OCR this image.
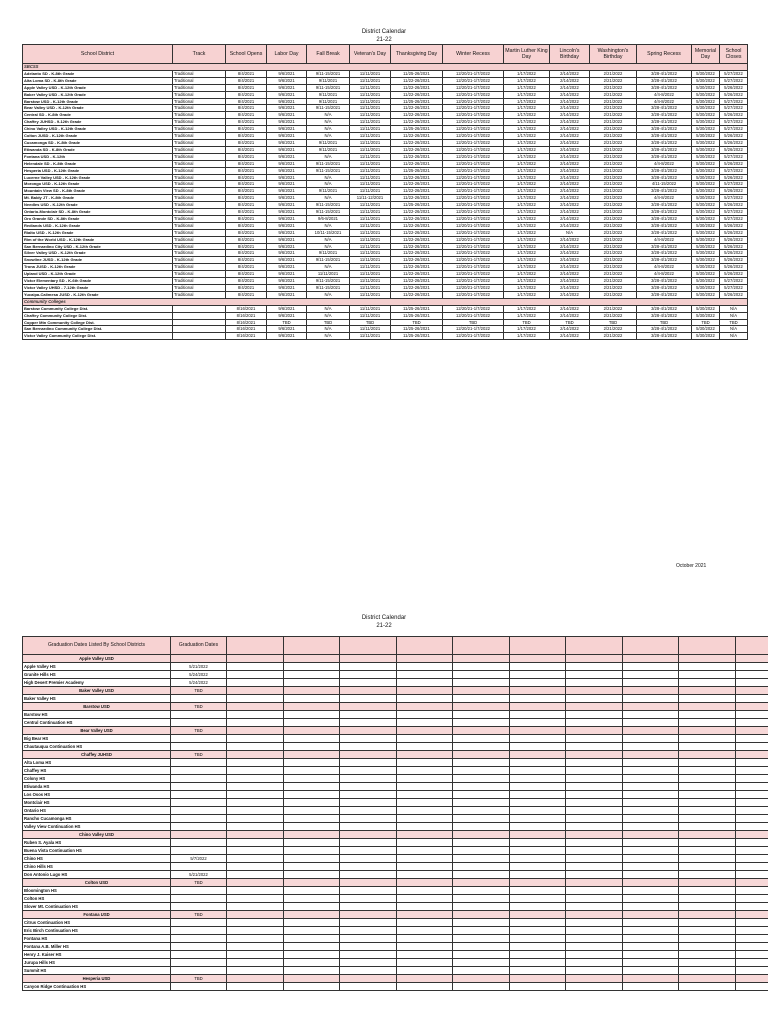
District Calendar
21-22
School District	Track	School Opens	Labor Day	Fall Break	Veteran's Day	Thanksgiving Day	Winter Recess	Martin Luther King Day	Lincoln's Birthday	Washington's Birthday	Spring Recess	Memorial Day	School Closes
SBCSS													
Adelanto SD - K-8th Grade	Traditional	8/4/2021	9/6/2021	9/11-15/2021	11/11/2021	11/25-26/2021	12/20/21-1/7/2022	1/17/2022	2/14/2022	2/21/2022	3/28-4/1/2022	5/30/2022	5/27/2022
Alta Loma SD - K-8th Grade	Traditional	8/4/2021	9/6/2021	9/11/2021	11/11/2021	11/22-26/2021	12/20/21-1/7/2022	1/17/2022	2/14/2022	2/21/2022	3/28-4/1/2022	5/30/2022	5/27/2022
Apple Valley USD - K-12th Grade	Traditional	8/4/2021	9/6/2021	9/11-15/2021	11/11/2021	11/22-26/2021	12/20/21-1/7/2022	1/17/2022	2/14/2022	2/21/2022	3/28-4/1/2022	5/30/2022	5/26/2022
Baker Valley USD - K-12th Grade	Traditional	8/4/2021	9/6/2021	9/11/2021	11/11/2021	11/22-26/2021	12/20/21-1/7/2022	1/17/2022	2/14/2022	2/21/2022	4/4-8/2022	5/30/2022	5/26/2022
Barstow USD - K-12th Grade	Traditional	8/4/2021	9/6/2021	9/11/2021	11/11/2021	11/25-26/2021	12/20/21-1/7/2022	1/17/2022	2/14/2022	2/21/2022	4/4-8/2022	5/30/2022	5/27/2022
Bear Valley USD - K-12th Grade	Traditional	8/4/2021	9/6/2021	9/11-15/2021	11/11/2021	11/22-26/2021	12/20/21-1/7/2022	1/17/2022	2/14/2022	2/21/2022	3/28-4/1/2022	5/30/2022	5/27/2022
Central SD - K-8th Grade	Traditional	8/4/2021	9/6/2021	N/A	11/11/2021	11/22-26/2021	12/20/21-1/7/2022	1/17/2022	2/14/2022	2/21/2022	3/28-4/1/2022	5/30/2022	5/26/2022
Chaffey JUHSD - 9-12th Grade	Traditional	8/4/2021	9/6/2021	N/A	11/11/2021	11/22-26/2021	12/20/21-1/7/2022	1/17/2022	2/14/2022	2/21/2022	3/28-4/1/2022	5/30/2022	5/27/2022
Chino Valley USD - K-12th Grade	Traditional	8/4/2021	9/6/2021	N/A	11/11/2021	11/25-26/2021	12/20/21-1/7/2022	1/17/2022	2/14/2022	2/21/2022	3/28-4/1/2022	5/30/2022	5/27/2022
Colton JUSD - K-12th Grade	Traditional	8/4/2021	9/6/2021	N/A	11/11/2021	11/22-26/2021	12/20/21-1/7/2022	1/17/2022	2/14/2022	2/21/2022	3/28-4/1/2022	5/30/2022	5/26/2022
Cucamonga SD - K-8th Grade	Traditional	8/4/2021	9/6/2021	9/11/2021	11/11/2021	11/22-26/2021	12/20/21-1/7/2022	1/17/2022	2/14/2022	2/21/2022	3/28-4/1/2022	5/30/2022	5/26/2022
Etiwanda SD - K-8th Grade	Traditional	8/4/2021	9/6/2021	9/11/2021	11/11/2021	11/22-26/2021	12/20/21-1/7/2022	1/17/2022	2/14/2022	2/21/2022	3/28-4/1/2022	5/30/2022	5/26/2022
Fontana USD - K-12th	Traditional	8/4/2021	9/6/2021	N/A	11/11/2021	11/22-26/2021	12/20/21-1/7/2022	1/17/2022	2/14/2022	2/21/2022	3/28-4/1/2022	5/30/2022	5/27/2022
Helendale SD - K-8th Grade	Traditional	8/4/2021	9/6/2021	9/11-15/2021	11/11/2021	11/22-26/2021	12/20/21-1/7/2022	1/17/2022	2/14/2022	2/21/2022	4/4-8/2022	5/30/2022	5/26/2022
Hesperia USD - K-12th Grade	Traditional	8/4/2021	9/6/2021	9/11-15/2021	11/11/2021	11/25-26/2021	12/20/21-1/7/2022	1/17/2022	2/14/2022	2/21/2022	3/28-4/1/2022	5/30/2022	5/27/2022
Lucerne Valley USD - K-12th Grade	Traditional	8/4/2021	9/6/2021	N/A	11/11/2021	11/22-26/2021	12/20/21-1/7/2022	1/17/2022	2/14/2022	2/21/2022	3/28-4/1/2022	5/30/2022	5/26/2022
Morongo USD - K-12th Grade	Traditional	8/4/2021	9/6/2021	N/A	11/11/2021	11/22-26/2021	12/20/21-1/7/2022	1/17/2022	2/14/2022	2/21/2022	4/11-15/2022	5/30/2022	5/27/2022
Mountain View SD - K-8th Grade	Traditional	8/4/2021	9/6/2021	9/11/2021	11/11/2021	11/22-26/2021	12/20/21-1/7/2022	1/17/2022	2/14/2022	2/21/2022	3/28-4/1/2022	5/30/2022	5/26/2022
Mt. Baldy JT - K-8th Grade	Traditional	8/4/2021	9/6/2021	N/A	11/11-12/2021	11/22-26/2021	12/20/21-1/7/2022	1/17/2022	2/14/2022	2/21/2022	4/4-8/2022	5/30/2022	5/27/2022
Needles USD - K-12th Grade	Traditional	8/4/2021	9/6/2021	9/11-15/2021	11/11/2021	11/25-26/2021	12/20/21-1/7/2022	1/17/2022	2/14/2022	2/21/2022	3/28-4/1/2022	5/30/2022	5/26/2022
Ontario-Montclair SD - K-8th Grade	Traditional	8/4/2021	9/6/2021	9/11-15/2021	11/11/2021	11/22-26/2021	12/20/21-1/7/2022	1/17/2022	2/14/2022	2/21/2022	3/28-4/1/2022	5/30/2022	5/27/2022
Oro Grande SD - K-8th Grade	Traditional	8/4/2021	9/6/2021	9/6-8/2021	11/11/2021	11/22-26/2021	12/20/21-1/7/2022	1/17/2022	2/14/2022	2/21/2022	3/28-4/1/2022	5/30/2022	5/27/2022
Redlands USD - K-12th Grade	Traditional	8/4/2021	9/6/2021	N/A	11/11/2021	11/22-26/2021	12/20/21-1/7/2022	1/17/2022	2/14/2022	2/21/2022	3/28-4/1/2022	5/30/2022	5/26/2022
Rialto USD - K-12th Grade	Traditional	8/4/2021	9/6/2021	10/11-15/2021	11/11/2021	11/22-26/2021	12/20/21-1/7/2022	1/17/2022	N/A	2/21/2022	3/28-4/1/2022	5/30/2022	5/26/2022
Rim of the World USD - K-12th Grade	Traditional	8/4/2021	9/6/2021	N/A	11/11/2021	11/22-26/2021	12/20/21-1/7/2022	1/17/2022	2/14/2022	2/21/2022	4/4-8/2022	5/30/2022	5/26/2022
San Bernardino City USD - K-12th Grade	Traditional	8/4/2021	9/6/2021	N/A	11/11/2021	11/22-26/2021	12/20/21-1/7/2022	1/17/2022	2/14/2022	2/21/2022	3/28-4/1/2022	5/30/2022	5/26/2022
Silver Valley USD - K-12th Grade	Traditional	8/4/2021	9/6/2021	9/11/2021	11/11/2021	11/22-26/2021	12/20/21-1/7/2022	1/17/2022	2/14/2022	2/21/2022	3/28-4/1/2022	5/30/2022	5/26/2022
Snowline JUSD - K-12th Grade	Traditional	8/4/2021	9/6/2021	9/11-15/2021	11/11/2021	11/22-26/2021	12/20/21-1/7/2022	1/17/2022	2/14/2022	2/21/2022	3/28-4/1/2022	5/30/2022	5/26/2022
Trona JUSD - K-12th Grade	Traditional	8/4/2021	9/6/2021	N/A	11/11/2021	11/22-26/2021	12/20/21-1/7/2022	1/17/2022	2/14/2022	2/21/2022	4/4-8/2022	5/30/2022	5/26/2022
Upland USD - K-12th Grade	Traditional	8/4/2021	9/6/2021	11/11/2021	11/11/2021	11/22-26/2021	12/20/21-1/7/2022	1/17/2022	2/14/2022	2/21/2022	4/4-8/2022	5/30/2022	5/26/2022
Victor Elementary SD - K-6th Grade	Traditional	8/4/2021	9/6/2021	9/11-15/2021	11/11/2021	11/22-26/2021	12/20/21-1/7/2022	1/17/2022	2/14/2022	2/21/2022	3/28-4/1/2022	5/30/2022	5/27/2022
Victor Valley UHSD - 7-12th Grade	Traditional	8/4/2021	9/6/2021	9/11-15/2021	11/11/2021	11/22-26/2021	12/20/21-1/7/2022	1/17/2022	2/14/2022	2/21/2022	3/28-4/1/2022	5/30/2022	5/27/2022
Yucaipa-Calimesa JUSD - K-12th Grade	Traditional	8/4/2021	9/6/2021	N/A	11/11/2021	11/22-26/2021	12/20/21-1/7/2022	1/17/2022	2/14/2022	2/21/2022	3/28-4/1/2022	5/30/2022	5/26/2022
Community Colleges													
Barstow Community College Dist.		8/16/2021	9/6/2021	N/A	11/11/2021	11/25-26/2021	12/20/21-1/7/2022	1/17/2022	2/14/2022	2/21/2022	3/28-4/1/2022	5/30/2022	N/A
Chaffey Community College Dist.		8/16/2021	9/6/2021	N/A	11/11/2021	11/25-26/2021	12/20/21-1/7/2022	1/17/2022	2/14/2022	2/21/2022	3/28-4/1/2022	5/30/2022	N/A
Copper Mtn Community College Dist.		8/16/2021	TBD	TBD	TBD	TBD	TBD	TBD	TBD	TBD	TBD	TBD	TBD
San Bernardino Community College Dist.		8/16/2021	9/6/2021	N/A	11/11/2021	11/25-26/2021	12/20/21-1/7/2022	1/17/2022	2/14/2022	2/21/2022	3/28-4/1/2022	5/30/2022	N/A
Victor Valley Community College Dist.		8/16/2021	9/6/2021	N/A	11/11/2021	11/25-26/2021	12/20/21-1/7/2022	1/17/2022	2/14/2022	2/21/2022	3/28-4/1/2022	5/30/2022	N/A
October 2021
District Calendar
21-22
Graduation Dates Listed By School Districts	Graduation Dates										
Apple Valley USD											
Apple Valley HS	5/21/2022										
Granite Hills HS	5/24/2022										
High Desert Premier Academy	5/24/2022										
Baker Valley USD	TBD										
Baker Valley HS											
Barstow USD	TBD										
Barstow HS											
Central Continuation HS											
Bear Valley USD	TBD										
Big Bear HS											
Chautauqua Continuation HS											
Chaffey JUHSD	TBD										
Alta Loma HS											
Chaffey HS											
Colony HS											
Etiwanda HS											
Los Osos HS											
Montclair HS											
Ontario HS											
Rancho Cucamonga HS											
Valley View Continuation HS											
Chino Valley USD											
Ruben S. Ayala HS											
Buena Vista Continuation HS											
Chino HS	5/7/2022										
Chino Hills HS											
Don Antonio Lugo HS	5/21/2022										
Colton USD	TBD										
Bloomington HS											
Colton HS											
Slover Mt. Continuation HS											
Fontana USD	TBD										
Citrus Continuation HS											
Eric Birch Continuation HS											
Fontana HS											
Fontana A.B. Miller HS											
Henry J. Kaiser HS											
Jurupa Hills HS											
Summit HS											
Hesperia USD	TBD										
Canyon Ridge Continuation HS											
